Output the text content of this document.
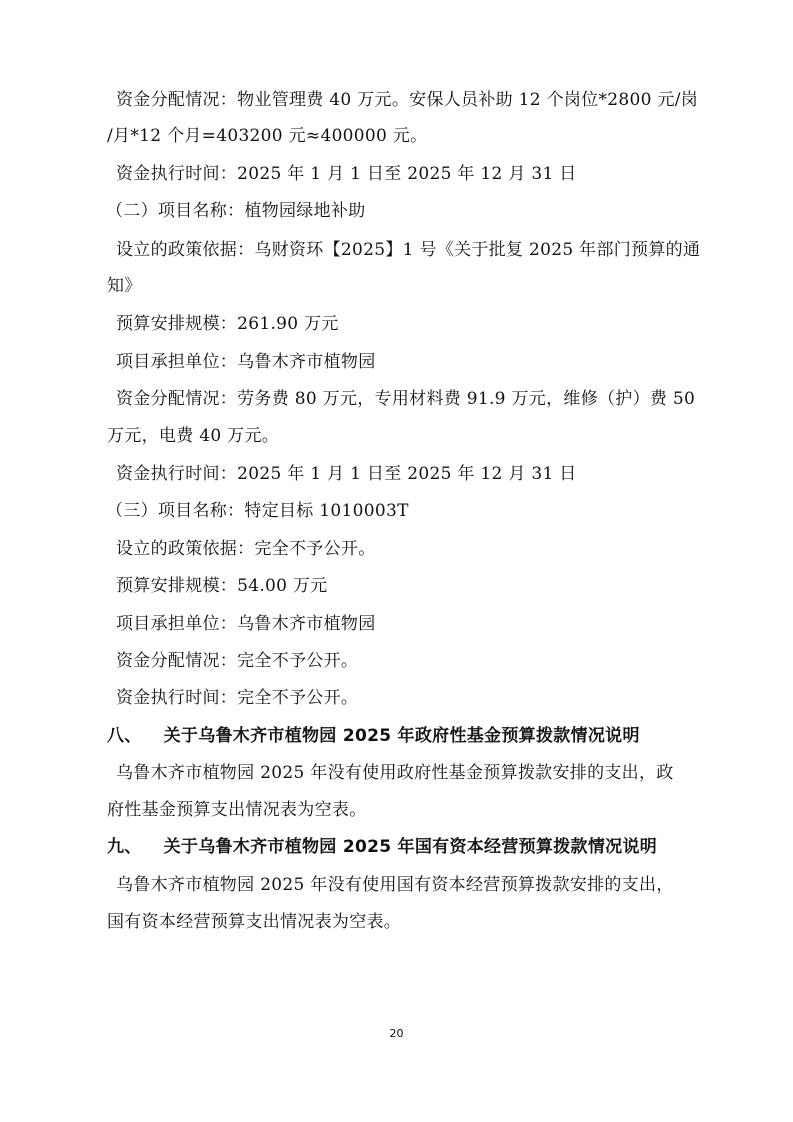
资金分配情况：物业管理费 40 万元。安保人员补助 12 个岗位*2800 元/岗
/月*12 个月=403200 元≈400000 元。
资金执行时间：2025 年 1 月 1 日至 2025 年 12 月 31 日
（二）项目名称：植物园绿地补助
设立的政策依据：乌财资环【2025】1 号《关于批复 2025 年部门预算的通
知》
预算安排规模：261.90 万元
项目承担单位：乌鲁木齐市植物园
资金分配情况：劳务费 80 万元，专用材料费 91.9 万元，维修（护）费 50
万元，电费 40 万元。
资金执行时间：2025 年 1 月 1 日至 2025 年 12 月 31 日
（三）项目名称：特定目标 1010003T
设立的政策依据：完全不予公开。
预算安排规模：54.00 万元
项目承担单位：乌鲁木齐市植物园
资金分配情况：完全不予公开。
资金执行时间：完全不予公开。
八、 关于乌鲁木齐市植物园 2025 年政府性基金预算拨款情况说明
乌鲁木齐市植物园 2025 年没有使用政府性基金预算拨款安排的支出，政
府性基金预算支出情况表为空表。
九、 关于乌鲁木齐市植物园 2025 年国有资本经营预算拨款情况说明
乌鲁木齐市植物园 2025 年没有使用国有资本经营预算拨款安排的支出，
国有资本经营预算支出情况表为空表。
20
